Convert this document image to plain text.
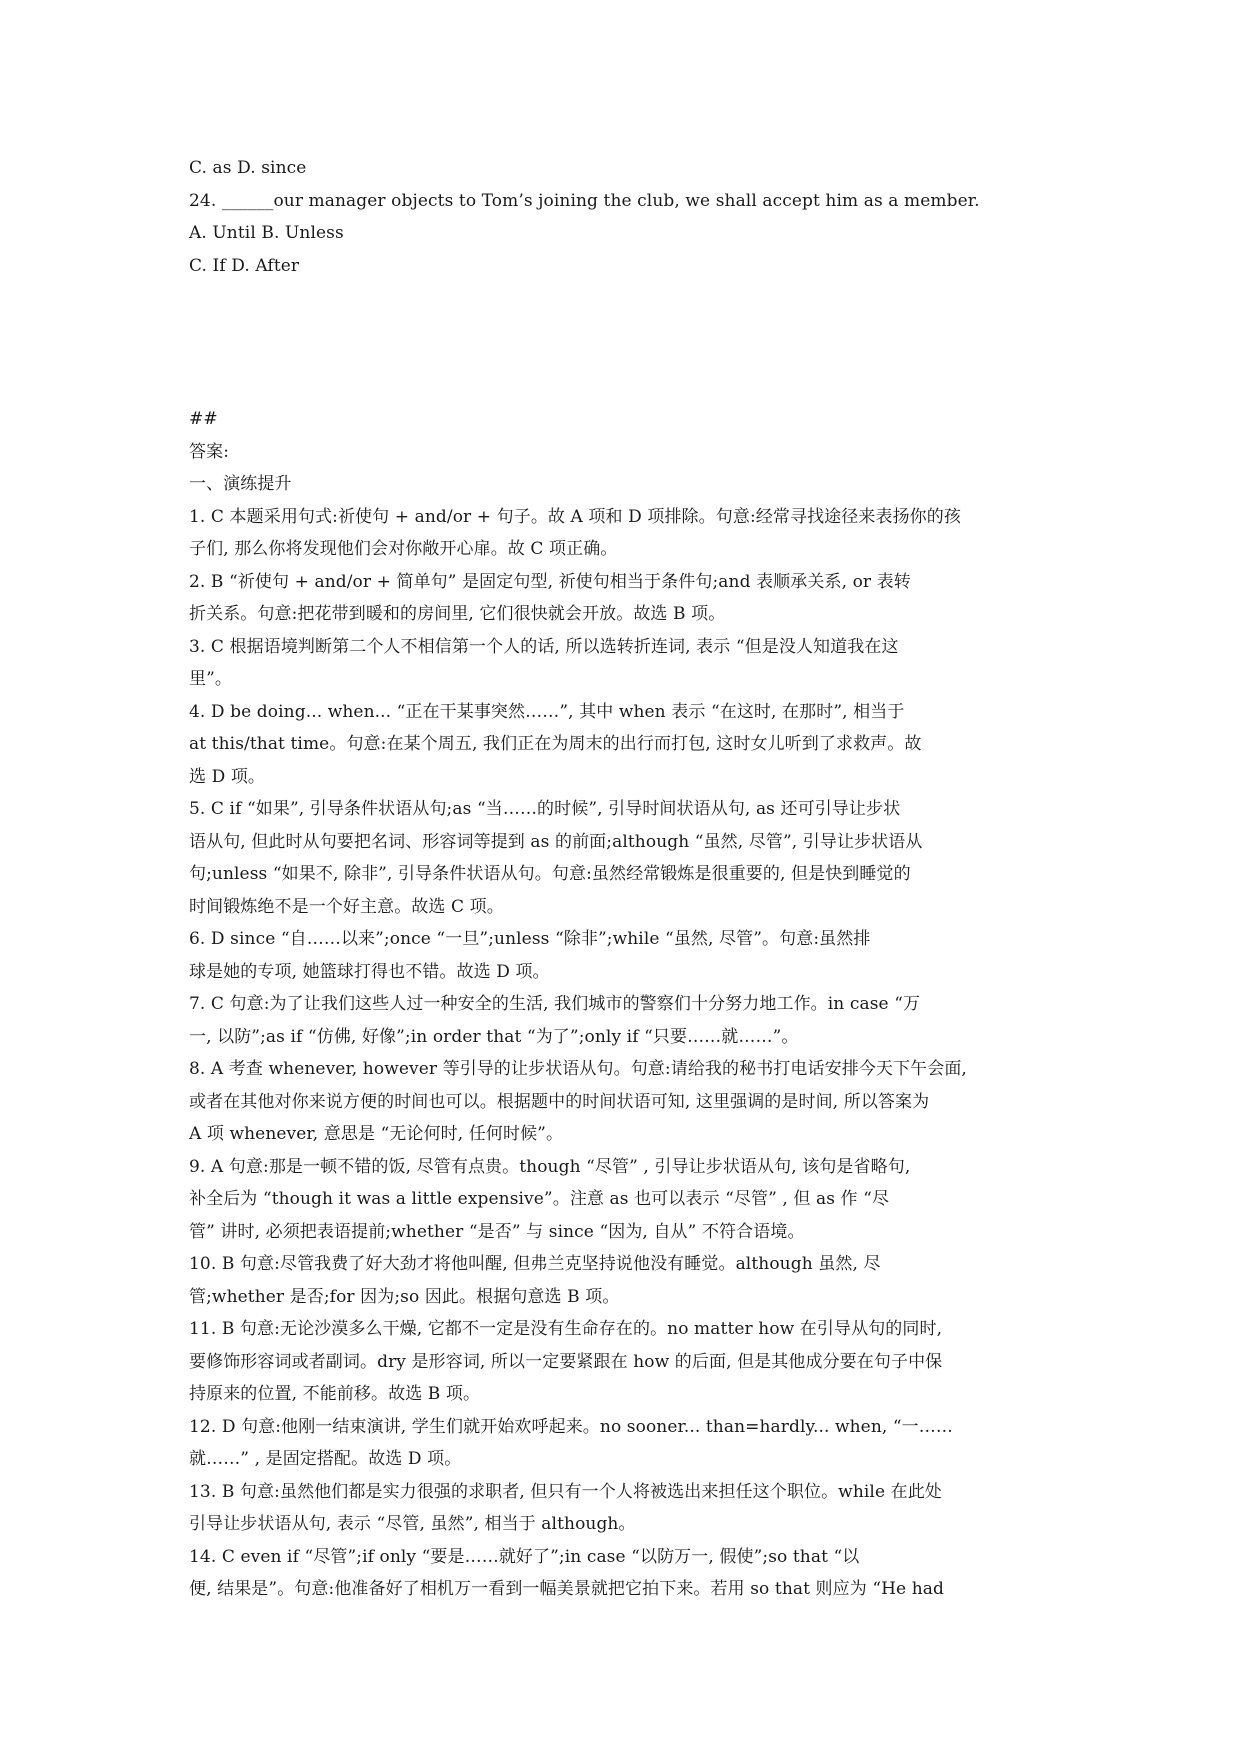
C. as D. since
24. ______our manager objects to Tom’s joining the club, we shall accept him as a member.
A. Until B. Unless
C. If D. After
##
答案:
一、演练提升
1. C 本题采用句式:祈使句 + and/or + 句子。故 A 项和 D 项排除。句意:经常寻找途径来表扬你的孩
子们, 那么你将发现他们会对你敞开心扉。故 C 项正确。
2. B “祈使句 + and/or + 简单句” 是固定句型, 祈使句相当于条件句;and 表顺承关系, or 表转
折关系。句意:把花带到暖和的房间里, 它们很快就会开放。故选 B 项。
3. C 根据语境判断第二个人不相信第一个人的话, 所以选转折连词, 表示 “但是没人知道我在这
里”。
4. D be doing... when... “正在干某事突然……”, 其中 when 表示 “在这时, 在那时”, 相当于
at this/that time。句意:在某个周五, 我们正在为周末的出行而打包, 这时女儿听到了求救声。故
选 D 项。
5. C if “如果”, 引导条件状语从句;as “当……的时候”, 引导时间状语从句, as 还可引导让步状
语从句, 但此时从句要把名词、形容词等提到 as 的前面;although “虽然, 尽管”, 引导让步状语从
句;unless “如果不, 除非”, 引导条件状语从句。句意:虽然经常锻炼是很重要的, 但是快到睡觉的
时间锻炼绝不是一个好主意。故选 C 项。
6. D since “自……以来”;once “一旦”;unless “除非”;while “虽然, 尽管”。句意:虽然排
球是她的专项, 她篮球打得也不错。故选 D 项。
7. C 句意:为了让我们这些人过一种安全的生活, 我们城市的警察们十分努力地工作。in case “万
一, 以防”;as if “仿佛, 好像”;in order that “为了”;only if “只要……就……”。
8. A 考查 whenever, however 等引导的让步状语从句。句意:请给我的秘书打电话安排今天下午会面,
或者在其他对你来说方便的时间也可以。根据题中的时间状语可知, 这里强调的是时间, 所以答案为
A 项 whenever, 意思是 “无论何时, 任何时候”。
9. A 句意:那是一顿不错的饭, 尽管有点贵。though “尽管” , 引导让步状语从句, 该句是省略句,
补全后为 “though it was a little expensive”。注意 as 也可以表示 “尽管” , 但 as 作 “尽
管” 讲时, 必须把表语提前;whether “是否” 与 since “因为, 自从” 不符合语境。
10. B 句意:尽管我费了好大劲才将他叫醒, 但弗兰克坚持说他没有睡觉。although 虽然, 尽
管;whether 是否;for 因为;so 因此。根据句意选 B 项。
11. B 句意:无论沙漠多么干燥, 它都不一定是没有生命存在的。no matter how 在引导从句的同时,
要修饰形容词或者副词。dry 是形容词, 所以一定要紧跟在 how 的后面, 但是其他成分要在句子中保
持原来的位置, 不能前移。故选 B 项。
12. D 句意:他刚一结束演讲, 学生们就开始欢呼起来。no sooner... than=hardly... when, “一……
就……” , 是固定搭配。故选 D 项。
13. B 句意:虽然他们都是实力很强的求职者, 但只有一个人将被选出来担任这个职位。while 在此处
引导让步状语从句, 表示 “尽管, 虽然”, 相当于 although。
14. C even if “尽管”;if only “要是……就好了”;in case “以防万一, 假使”;so that “以
便, 结果是”。句意:他准备好了相机万一看到一幅美景就把它拍下来。若用 so that 则应为 “He had
